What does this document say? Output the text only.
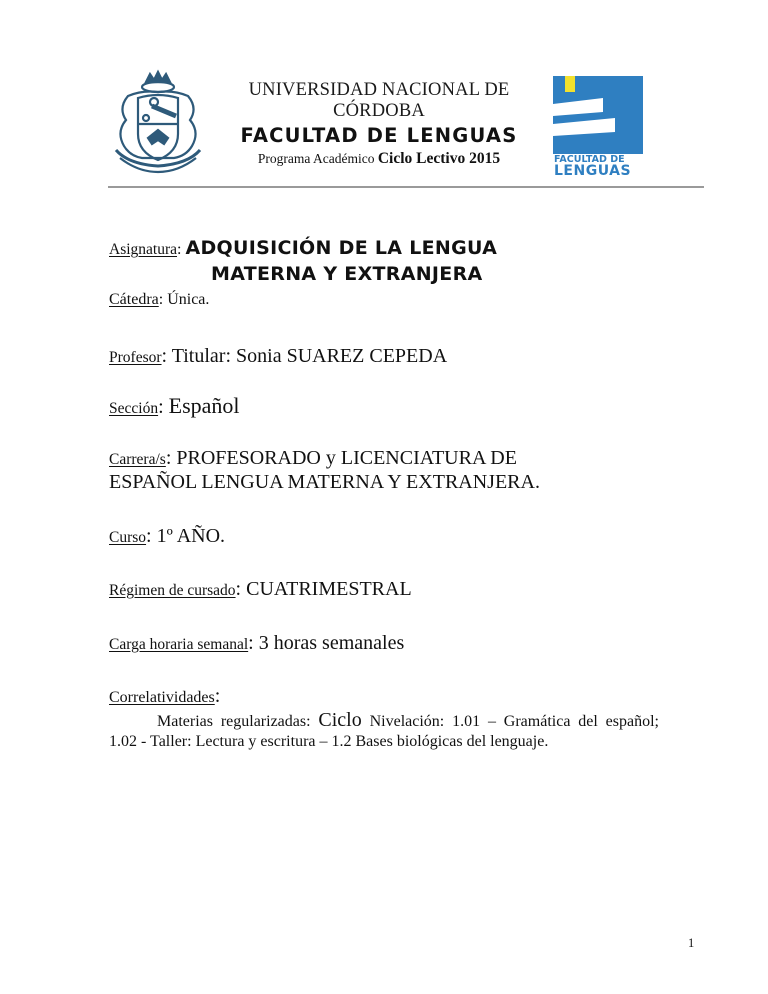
UNIVERSIDAD NACIONAL DE
CÓRDOBA
FACULTAD DE LENGUAS
Programa Académico Ciclo Lectivo 2015	FACULTAD DE
LENGUAS
Asignatura: ADQUISICIÓN DE LA LENGUA
MATERNA Y EXTRANJERA
Cátedra: Única.
Profesor: Titular: Sonia SUAREZ CEPEDA
Sección: Español
Carrera/s: PROFESORADO y LICENCIATURA DE
ESPAÑOL LENGUA MATERNA Y EXTRANJERA.
Curso: 1º AÑO.
Régimen de cursado: CUATRIMESTRAL
Carga horaria semanal: 3 horas semanales
Correlatividades:
Materias regularizadas: Ciclo Nivelación: 1.01 – Gramática del español; 1.02 - Taller: Lectura y escritura – 1.2 Bases biológicas del lenguaje.
1
